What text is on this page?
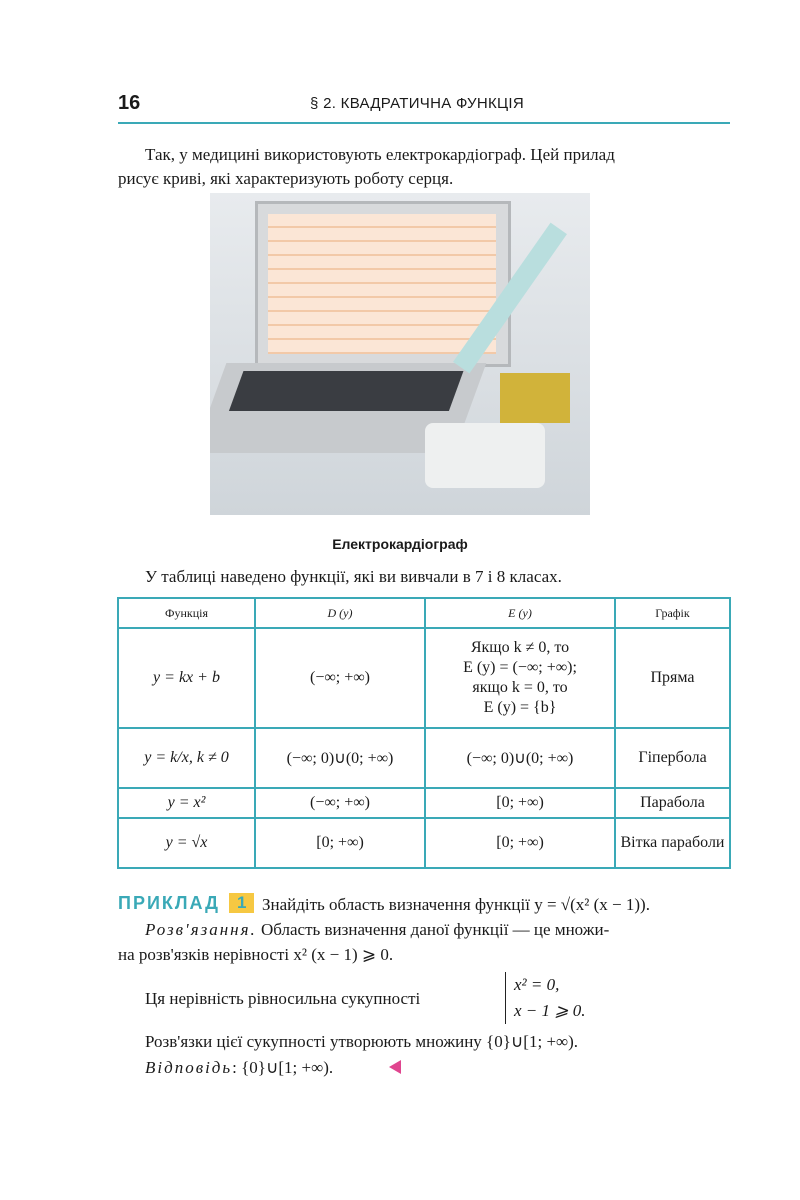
16	§ 2. КВАДРАТИЧНА ФУНКЦІЯ
Так, у медицині використовують електрокардіограф. Цей прилад
рисує криві, які характеризують роботу серця.
Електрокардіограф
У таблиці наведено функції, які ви вивчали в 7 і 8 класах.
Функція	D (y)	E (y)	Графік
y = kx + b	(−∞; +∞)	Якщо k ≠ 0, то
E (y) = (−∞; +∞);
якщо k = 0, то
E (y) = {b}	Пряма
y = k/x, k ≠ 0	(−∞; 0)∪(0; +∞)	(−∞; 0)∪(0; +∞)	Гіпербола
y = x²	(−∞; +∞)	[0; +∞)	Парабола
y = √x	[0; +∞)	[0; +∞)	Вітка параболи
ПРИКЛАД	1 Знайдіть область визначення функції y = √(x² (x − 1)).
Розв'язання. Область визначення даної функції — це множи-
на розв'язків нерівності x² (x − 1) ⩾ 0.
Ця нерівність рівносильна сукупності
x² = 0,
x − 1 ⩾ 0.
Розв'язки цієї сукупності утворюють множину {0}∪[1; +∞).
Відповідь: {0}∪[1; +∞).
